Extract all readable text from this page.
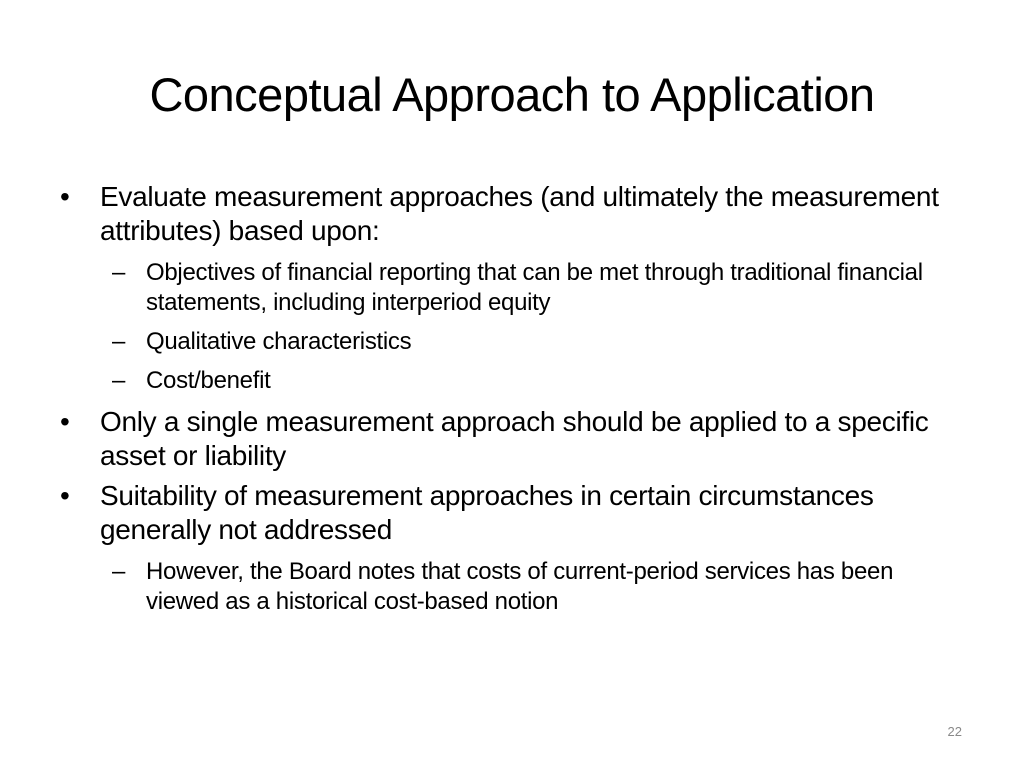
Conceptual Approach to Application
•	Evaluate measurement approaches (and ultimately the measurement attributes) based upon:
– Objectives of financial reporting that can be met through traditional financial statements, including interperiod equity
– Qualitative characteristics
– Cost/benefit
•	Only a single measurement approach should be applied to a specific asset or liability
•	Suitability of measurement approaches in certain circumstances generally not addressed
– However, the Board notes that costs of current-period services has been viewed as a historical cost-based notion
22
